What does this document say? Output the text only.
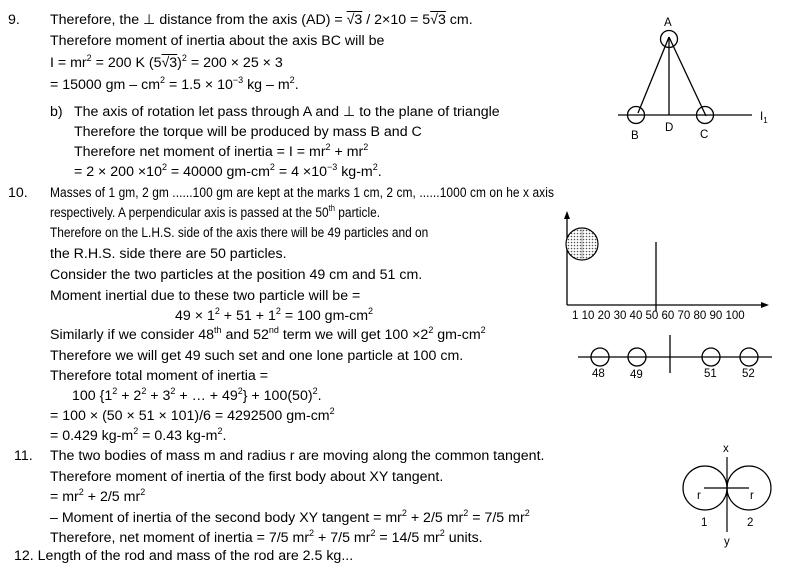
9. Therefore, the ⊥ distance from the axis (AD) = √3 / 2×10 = 5√3 cm.
Therefore moment of inertia about the axis BC will be
$I = mr^2 = 200$ K $(5√3)^2 = 200 \times 25 \times 3$
= 15000 gm – $cm^2 = 1.5 \times 10^{-3}$ kg – $m^2$.
b) The axis of rotation let pass through A and ⊥ to the plane of triangle
Therefore the torque will be produced by mass B and C
Therefore net moment of inertia = $I = mr^2 + mr^2$
= $2 \times 200 \times 10^2 = 40000$ $gm-cm^2 = 4 \times 10^{-3}$ $kg-m^2$.
A
B
D
C
$I_1$
10. Masses of 1 gm, 2 gm ......100 gm are kept at the marks 1 cm, 2 cm, ......1000 cm on he x axis
respectively. A perpendicular axis is passed at the 50th particle.
Therefore on the L.H.S. side of the axis there will be 49 particles and on
the R.H.S. side there are 50 particles.
Consider the two particles at the position 49 cm and 51 cm.
Moment inertial due to these two particle will be =
$49 \times 1^2 + 51 + 1^2 = 100$ $gm-cm^2$
Similarly if we consider 48th and 52nd term we will get $100 \times 2^2$ $gm-cm^2$
Therefore we will get 49 such set and one lone particle at 100 cm.
Therefore total moment of inertia =
100 {$1^2 + 2^2 + 3^2$ + … + $49^2\} + 100(50)^2$.
= 100 × (50 × 51 × 101)/6 = 4292500 $gm-cm^2$
= 0.429 $kg-m^2 = 0.43$ $kg-m^2$.
1 10 20 30 40 50 60 70 80 90 100
48 49	51 52
11. The two bodies of mass m and radius r are moving along the common tangent.
Therefore moment of inertia of the first body about XY tangent.
= $mr^2 + 2/5$ $mr^2$
– Moment of inertia of the second body XY tangent = $mr^2 + 2/5$ $mr^2 = 7/5$ $mr^2$
Therefore, net moment of inertia = 7/5 $mr^2 + 7/5$ $mr^2 = 14/5$ $mr^2$ units.
12. Length of the rod and mass of the rod are 2.5 kg...
x
r	r
1	2
y
